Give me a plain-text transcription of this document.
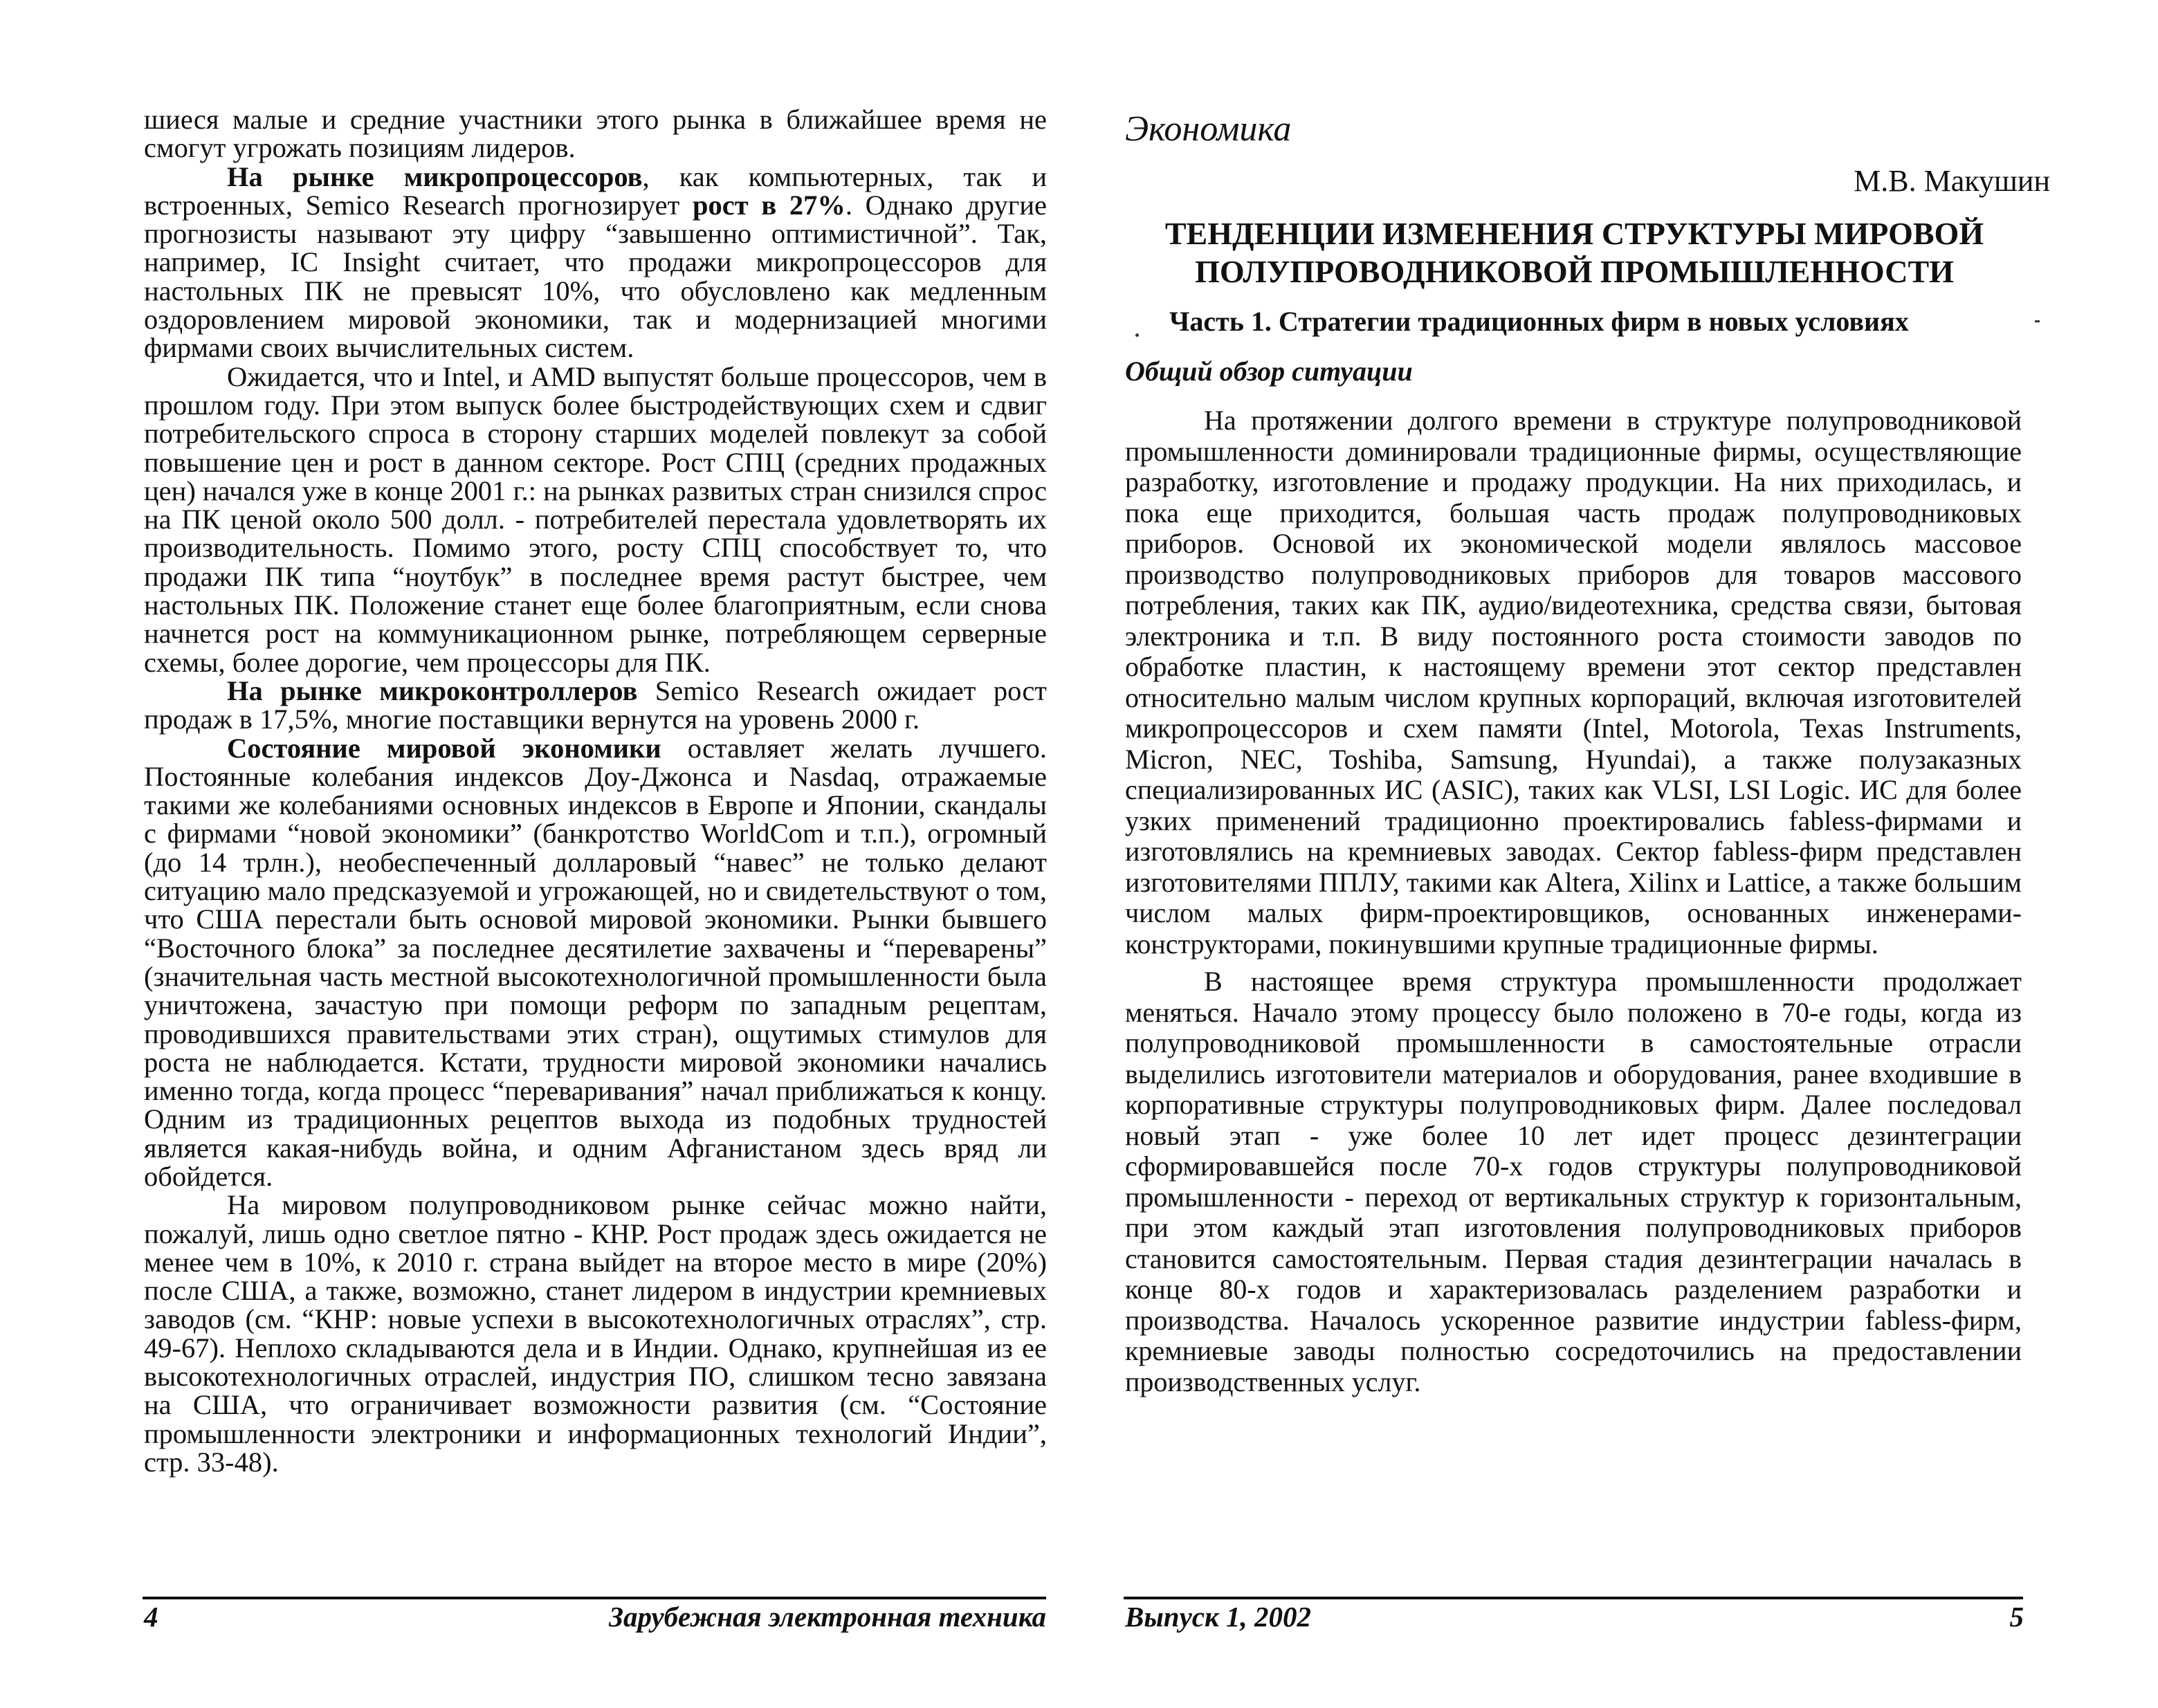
шиеся малые и средние участники этого рынка в ближайшее время не смогут угрожать позициям лидеров.

На рынке микропроцессоров, как компьютерных, так и встроенных, Semico Research прогнозирует рост в 27%. Однако другие прогнозисты называют эту цифру “завышенно оптимистичной”. Так, например, IC Insight считает, что продажи микропроцессоров для настольных ПК не превысят 10%, что обусловлено как медленным оздоровлением мировой экономики, так и модернизацией многими фирмами своих вычислительных систем.

Ожидается, что и Intel, и AMD выпустят больше процессоров, чем в прошлом году. При этом выпуск более быстродействующих схем и сдвиг потребительского спроса в сторону старших моделей повлекут за собой повышение цен и рост в данном секторе. Рост СПЦ (средних продажных цен) начался уже в конце 2001 г.: на рынках развитых стран снизился спрос на ПК ценой около 500 долл. - потребителей перестала удовлетворять их производительность. Помимо этого, росту СПЦ способствует то, что продажи ПК типа “ноутбук” в последнее время растут быстрее, чем настольных ПК. Положение станет еще более благоприятным, если снова начнется рост на коммуникационном рынке, потребляющем серверные схемы, более дорогие, чем процессоры для ПК.

На рынке микроконтроллеров Semico Research ожидает рост продаж в 17,5%, многие поставщики вернутся на уровень 2000 г.

Состояние мировой экономики оставляет желать лучшего. Постоянные колебания индексов Доу-Джонса и Nasdaq, отражаемые такими же колебаниями основных индексов в Европе и Японии, скандалы с фирмами “новой экономики” (банкротство WorldCom и т.п.), огромный (до 14 трлн.), необеспеченный долларовый “навес” не только делают ситуацию мало предсказуемой и угрожающей, но и свидетельствуют о том, что США перестали быть основой мировой экономики. Рынки бывшего “Восточного блока” за последнее десятилетие захвачены и “переварены” (значительная часть местной высокотехнологичной промышленности была уничтожена, зачастую при помощи реформ по западным рецептам, проводившихся правительствами этих стран), ощутимых стимулов для роста не наблюдается. Кстати, трудности мировой экономики начались именно тогда, когда процесс “переваривания” начал приближаться к концу. Одним из традиционных рецептов выхода из подобных трудностей является какая-нибудь война, и одним Афганистаном здесь вряд ли обойдется.

На мировом полупроводниковом рынке сейчас можно найти, пожалуй, лишь одно светлое пятно - КНР. Рост продаж здесь ожидается не менее чем в 10%, к 2010 г. страна выйдет на второе место в мире (20%) после США, а также, возможно, станет лидером в индустрии кремниевых заводов (см. “КНР: новые успехи в высокотехнологичных отраслях”, стр. 49-67). Неплохо складываются дела и в Индии. Однако, крупнейшая из ее высокотехнологичных отраслей, индустрия ПО, слишком тесно завязана на США, что ограничивает возможности развития (см. “Состояние промышленности электроники и информационных технологий Индии”, стр. 33-48).

Экономика
М.В. Макушин
ТЕНДЕНЦИИ ИЗМЕНЕНИЯ СТРУКТУРЫ МИРОВОЙ
ПОЛУПРОВОДНИКОВОЙ ПРОМЫШЛЕННОСТИ
Часть 1. Стратегии традиционных фирм в новых условиях
Общий обзор ситуации

На протяжении долгого времени в структуре полупроводниковой промышленности доминировали традиционные фирмы, осуществляющие разработку, изготовление и продажу продукции. На них приходилась, и пока еще приходится, большая часть продаж полупроводниковых приборов. Основой их экономической модели являлось массовое производство полупроводниковых приборов для товаров массового потребления, таких как ПК, аудио/видеотехника, средства связи, бытовая электроника и т.п. В виду постоянного роста стоимости заводов по обработке пластин, к настоящему времени этот сектор представлен относительно малым числом крупных корпораций, включая изготовителей микропроцессоров и схем памяти (Intel, Motorola, Texas Instruments, Micron, NEC, Toshiba, Samsung, Hyundai), а также полузаказных специализированных ИС (ASIC), таких как VLSI, LSI Logic. ИС для более узких применений традиционно проектировались fabless-фирмами и изготовлялись на кремниевых заводах. Сектор fabless-фирм представлен изготовителями ППЛУ, такими как Altera, Xilinx и Lattice, а также большим числом малых фирм-проектировщиков, основанных инженерами-конструкторами, покинувшими крупные традиционные фирмы.

В настоящее время структура промышленности продолжает меняться. Начало этому процессу было положено в 70-е годы, когда из полупроводниковой промышленности в самостоятельные отрасли выделились изготовители материалов и оборудования, ранее входившие в корпоративные структуры полупроводниковых фирм. Далее последовал новый этап - уже более 10 лет идет процесс дезинтеграции сформировавшейся после 70-х годов структуры полупроводниковой промышленности - переход от вертикальных структур к горизонтальным, при этом каждый этап изготовления полупроводниковых приборов становится самостоятельным. Первая стадия дезинтеграции началась в конце 80-х годов и характеризовалась разделением разработки и производства. Началось ускоренное развитие индустрии fabless-фирм, кремниевые заводы полностью сосредоточились на предоставлении производственных услуг.

4	Зарубежная электронная техника	Выпуск 1, 2002	5
